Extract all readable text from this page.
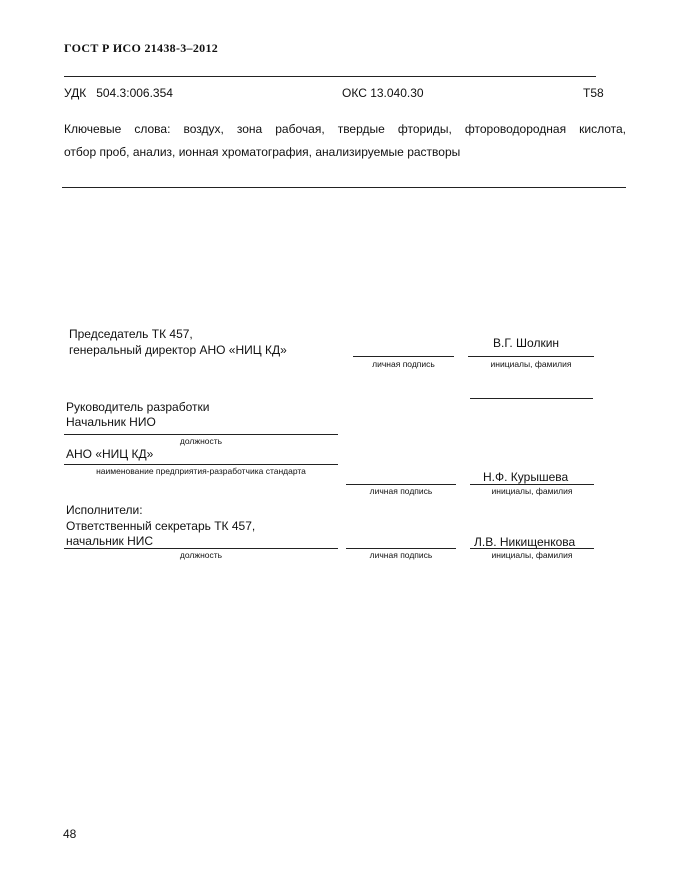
ГОСТ Р ИСО 21438-3–2012
УДК   504.3:006.354	ОКС 13.040.30	Т58
Ключевые слова: воздух, зона рабочая, твердые фториды, фтороводородная кислота,
отбор проб, анализ, ионная хроматография, анализируемые растворы
Председатель ТК 457,
генеральный директор АНО «НИЦ КД»	В.Г. Шолкин
личная подпись	инициалы, фамилия
Руководитель разработки
Начальник НИО
должность
АНО «НИЦ КД»
наименование предприятия-разработчика стандарта	Н.Ф. Курышева
личная подпись	инициалы, фамилия
Исполнители:
Ответственный секретарь ТК 457,
начальник НИС	Л.В. Никищенкова
должность	личная подпись	инициалы, фамилия
48
